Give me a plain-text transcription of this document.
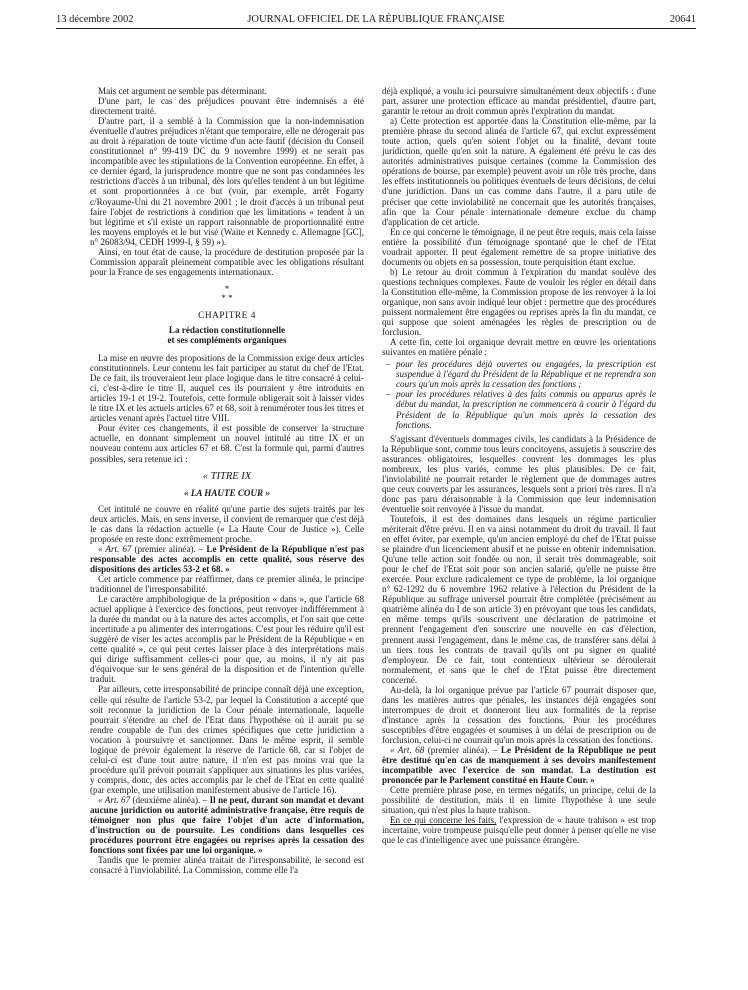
13 décembre 2002	JOURNAL OFFICIEL DE LA RÉPUBLIQUE FRANÇAISE	20641

Mais cet argument ne semble pas déterminant.

D'une part, le cas des préjudices pouvant être indemnisés a été directement traité.

D'autre part, il a semblé à la Commission que la non-indemnisation éventuelle d'autres préjudices n'étant que temporaire, elle ne dérogerait pas au droit à réparation de toute victime d'un acte fautif (décision du Conseil constitutionnel n° 99-419 DC du 9 novembre 1999) et ne serait pas incompatible avec les stipulations de la Convention européenne. En effet, à ce dernier égard, la jurisprudence montre que ne sont pas condamnées les restrictions d'accès à un tribunal, dès lors qu'elles tendent à un but légitime et sont proportionnées à ce but (voir, par exemple, arrêt Fogarty c/Royaume-Uni du 21 novembre 2001 ; le droit d'accès à un tribunal peut faire l'objet de restrictions à condition que les limitations « tendent à un but légitime et s'il existe un rapport raisonnable de proportionnalité entre les moyens employés et le but visé (Waite et Kennedy c. Allemagne [GC], n° 26083/94, CEDH 1999-I, § 59) »).

Ainsi, en tout état de cause, la procédure de destitution proposée par la Commission apparaît pleinement compatible avec les obligations résultant pour la France de ses engagements internationaux.

*
* *
CHAPITRE 4
La rédaction constitutionnelle
et ses compléments organiques

La mise en œuvre des propositions de la Commission exige deux articles constitutionnels. Leur contenu les fait participer au statut du chef de l'Etat. De ce fait, ils trouveraient leur place logique dans le titre consacré à celui-ci, c'est-à-dire le titre II, auquel ces ils pourraient y être introduits en articles 19-1 et 19-2. Toutefois, cette formule obligerait soit à laisser vides le titre IX et les actuels articles 67 et 68, soit à renuméroter tous les titres et articles venant après l'actuel titre VIII.

Pour éviter ces changements, il est possible de conserver la structure actuelle, en donnant simplement un nouvel intitulé au titre IX et un nouveau contenu aux articles 67 et 68. C'est la formule qui, parmi d'autres possibles, sera retenue ici :

« TITRE IX
« LA HAUTE COUR »

Cet intitulé ne couvre en réalité qu'une partie des sujets traités par les deux articles. Mais, en sens inverse, il convient de remarquer que c'est déjà le cas dans la rédaction actuelle (« La Haute Cour de Justice »). Celle proposée en reste donc extrêmement proche.

« Art. 67 (premier alinéa). – Le Président de la République n'est pas responsable des actes accomplis en cette qualité, sous réserve des dispositions des articles 53-2 et 68. »

Cet article commence par réaffirmer, dans ce premier alinéa, le principe traditionnel de l'irresponsabilité.

Le caractère amphibologique de la préposition « dans », que l'article 68 actuel applique à l'exercice des fonctions, peut renvoyer indifféremment à la durée du mandat ou à la nature des actes accomplis, et l'on sait que cette incertitude a pu alimenter des interrogations. C'est pour les réduire qu'il est suggéré de viser les actes accomplis par le Président de la République « en cette qualité », ce qui peut certes laisser place à des interprétations mais qui dirige suffisamment celles-ci pour que, au moins, il n'y ait pas d'équivoque sur le sens général de la disposition et de l'intention qu'elle traduit.

Par ailleurs, cette irresponsabilité de principe connaît déjà une exception, celle qui résulte de l'article 53-2, par lequel la Constitution a accepté que soit reconnue la juridiction de la Cour pénale internationale, laquelle pourrait s'étendre au chef de l'Etat dans l'hypothèse où il aurait pu se rendre coupable de l'un des crimes spécifiques que cette juridiction a vocation à poursuivre et sanctionner. Dans le même esprit, il semble logique de prévoir également la réserve de l'article 68, car si l'objet de celui-ci est d'une tout autre nature, il n'en est pas moins vrai que la procédure qu'il prévoit pourrait s'appliquer aux situations les plus variées, y compris, donc, des actes accomplis par le chef de l'Etat en cette qualité (par exemple, une utilisation manifestement abusive de l'article 16).

« Art. 67 (deuxième alinéa). – Il ne peut, durant son mandat et devant aucune juridiction ou autorité administrative française, être requis de témoigner non plus que faire l'objet d'un acte d'information, d'instruction ou de poursuite. Les conditions dans lesquelles ces procédures pourront être engagées ou reprises après la cessation des fonctions sont fixées par une loi organique. »

Tandis que le premier alinéa traitait de l'irresponsabilité, le second est consacré à l'inviolabilité. La Commission, comme elle l'a

déjà expliqué, a voulu ici poursuivre simultanément deux objectifs : d'une part, assurer une protection efficace au mandat présidentiel, d'autre part, garantir le retour au droit commun après l'expiration du mandat.

a) Cette protection est apportée dans la Constitution elle-même, par la première phrase du second alinéa de l'article 67, qui exclut expressément toute action, quels qu'en soient l'objet ou la finalité, devant toute juridiction, quelle qu'en soit la nature. A également été prévu le cas des autorités administratives puisque certaines (comme la Commission des opérations de bourse, par exemple) peuvent avoir un rôle très proche, dans les effets institutionnels ou politiques éventuels de leurs décisions, de celui d'une juridiction. Dans un cas comme dans l'autre, il a paru utile de préciser que cette inviolabilité ne concernait que les autorités françaises, afin que la Cour pénale internationale demeure exclue du champ d'application de cet article.

En ce qui concerne le témoignage, il ne peut être requis, mais cela laisse entière la possibilité d'un témoignage spontané que le chef de l'Etat voudrait apporter. Il peut également remettre de sa propre initiative des documents ou objets en sa possession, toute perquisition étant exclue.

b) Le retour au droit commun à l'expiration du mandat soulève des questions techniques complexes. Faute de vouloir les régler en détail dans la Constitution elle-même, la Commission propose de les renvoyer à la loi organique, non sans avoir indiqué leur objet : permettre que des procédures puissent normalement être engagées ou reprises après la fin du mandat, ce qui suppose que soient aménagées les règles de prescription ou de forclusion.

A cette fin, cette loi organique devrait mettre en œuvre les orientations suivantes en matière pénale :

– pour les procédures déjà ouvertes ou engagées, la prescription est suspendue à l'égard du Président de la République et ne reprendra son cours qu'un mois après la cessation des fonctions ;
– pour les procédures relatives à des faits commis ou apparus après le début du mandat, la prescription ne commencera à courir à l'égard du Président de la République qu'un mois après la cessation des fonctions.

S'agissant d'éventuels dommages civils, les candidats à la Présidence de la République sont, comme tous leurs concitoyens, assujetis à souscrire des assurances obligatoires, lesquelles couvrent les dommages les plus nombreux, les plus variés, comme les plus plausibles. De ce fait, l'inviolabilité ne pourrait retarder le règlement que de dommages autres que ceux couverts par les assurances, lesquels sont a priori très rares. Il n'a donc pas paru déraisonnable à la Commission que leur indemnisation éventuelle soit renvoyée à l'issue du mandat.

Toutefois, il est des domaines dans lesquels un régime particulier mériterait d'être prévu. Il en va ainsi notamment du droit du travail. Il faut en effet éviter, par exemple, qu'un ancien employé du chef de l'Etat puisse se plaindre d'un licenciement abusif et ne puisse en obtenir indemnisation. Qu'une telle action soit fondée ou non, il serait très dommageable, soit pour le chef de l'Etat soit pour son ancien salarié, qu'elle ne puisse être exercée. Pour exclure radicalement ce type de problème, la loi organique n° 62-1292 du 6 novembre 1962 relative à l'élection du Président de la République au suffrage universel pourrait être complétée (précisément au quatrième alinéa du I de son article 3) en prévoyant que tous les candidats, en même temps qu'ils souscrivent une déclaration de patrimoine et prennent l'engagement d'en souscrire une nouvelle en cas d'élection, prennent aussi l'engagement, dans le même cas, de transférer sans délai à un tiers tous les contrats de travail qu'ils ont pu signer en qualité d'employeur. De ce fait, tout contentieux ultérieur se déroulerait normalement, et sans que le chef de l'Etat puisse être directement concerné.

Au-delà, la loi organique prévue par l'article 67 pourrait disposer que, dans les matières autres que pénales, les instances déjà engagées sont interrompues de droit et donneront lieu aux formalités de la reprise d'instance après la cessation des fonctions. Pour les procédures susceptibles d'être engagées et soumises à un délai de prescription ou de forclusion, celui-ci ne courrait qu'un mois après la cessation des fonctions.

« Art. 68 (premier alinéa). – Le Président de la République ne peut être destitué qu'en cas de manquement à ses devoirs manifestement incompatible avec l'exercice de son mandat. La destitution est prononcée par le Parlement constitué en Haute Cour. »

Cette première phrase pose, en termes négatifs, un principe, celui de la possibilité de destitution, mais il en limite l'hypothèse à une seule situation, qui n'est plus la haute trahison.

En ce qui concerne les faits, l'expression de « haute trahison » est trop incertaine, voire trompeuse puisqu'elle peut donner à penser qu'elle ne vise que le cas d'intelligence avec une puissance étrangère.
